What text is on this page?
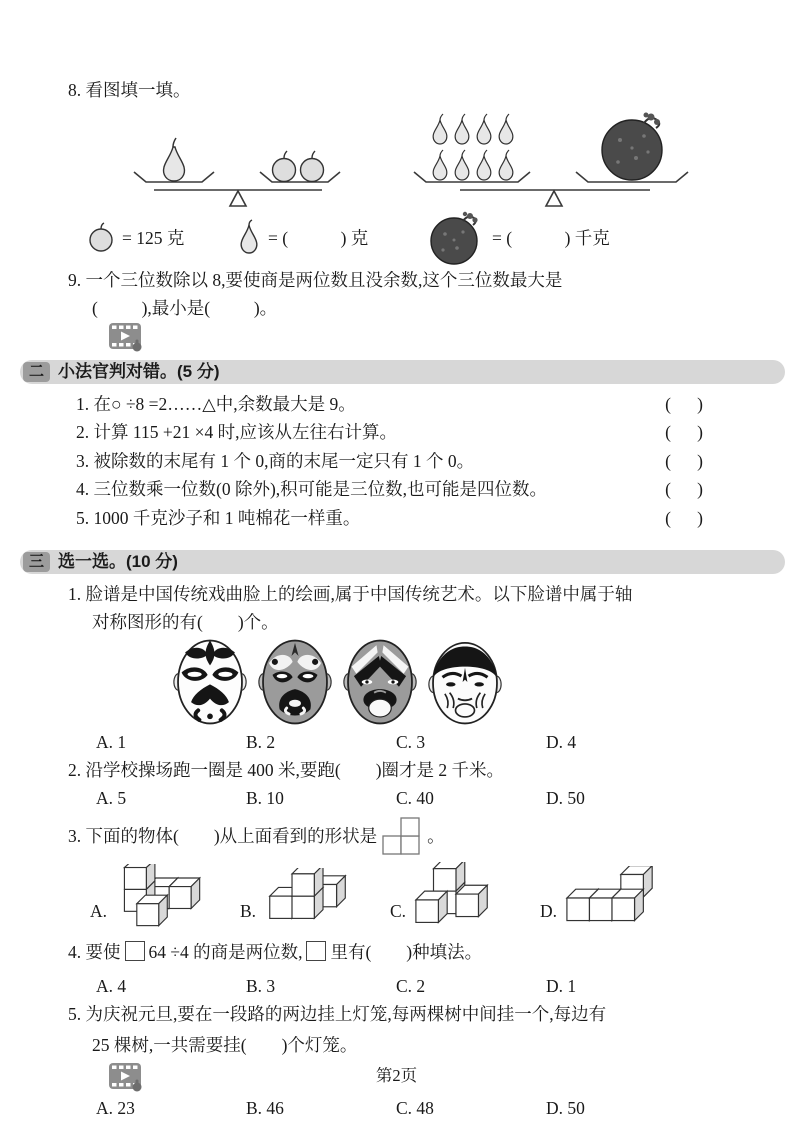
8. 看图填一填。
= 125 克	= (            ) 克	= (            ) 千克
9. 一个三位数除以 8,要使商是两位数且没余数,这个三位数最大是
(          ),最小是(          )。
二 小法官判对错。(5 分)
1. 在○ ÷8 =2……△中,余数最大是 9。	(      )
2. 计算 115 +21 ×4 时,应该从左往右计算。	(      )
3. 被除数的末尾有 1 个 0,商的末尾一定只有 1 个 0。	(      )
4. 三位数乘一位数(0 除外),积可能是三位数,也可能是四位数。	(      )
5. 1000 千克沙子和 1 吨棉花一样重。	(      )
三 选一选。(10 分)
1. 脸谱是中国传统戏曲脸上的绘画,属于中国传统艺术。以下脸谱中属于轴
对称图形的有(        )个。
A. 1	B. 2	C. 3	D. 4
2. 沿学校操场跑一圈是 400 米,要跑(        )圈才是 2 千米。
A. 5	B. 10	C. 40	D. 50
3. 下面的物体(        )从上面看到的形状是	。
A.	B.	C.	D.
4. 要使 64 ÷4 的商是两位数, 里有(        )种填法。
A. 4	B. 3	C. 2	D. 1
5. 为庆祝元旦,要在一段路的两边挂上灯笼,每两棵树中间挂一个,每边有
25 棵树,一共需要挂(        )个灯笼。
A. 23	B. 46	C. 48	D. 50
第2页
